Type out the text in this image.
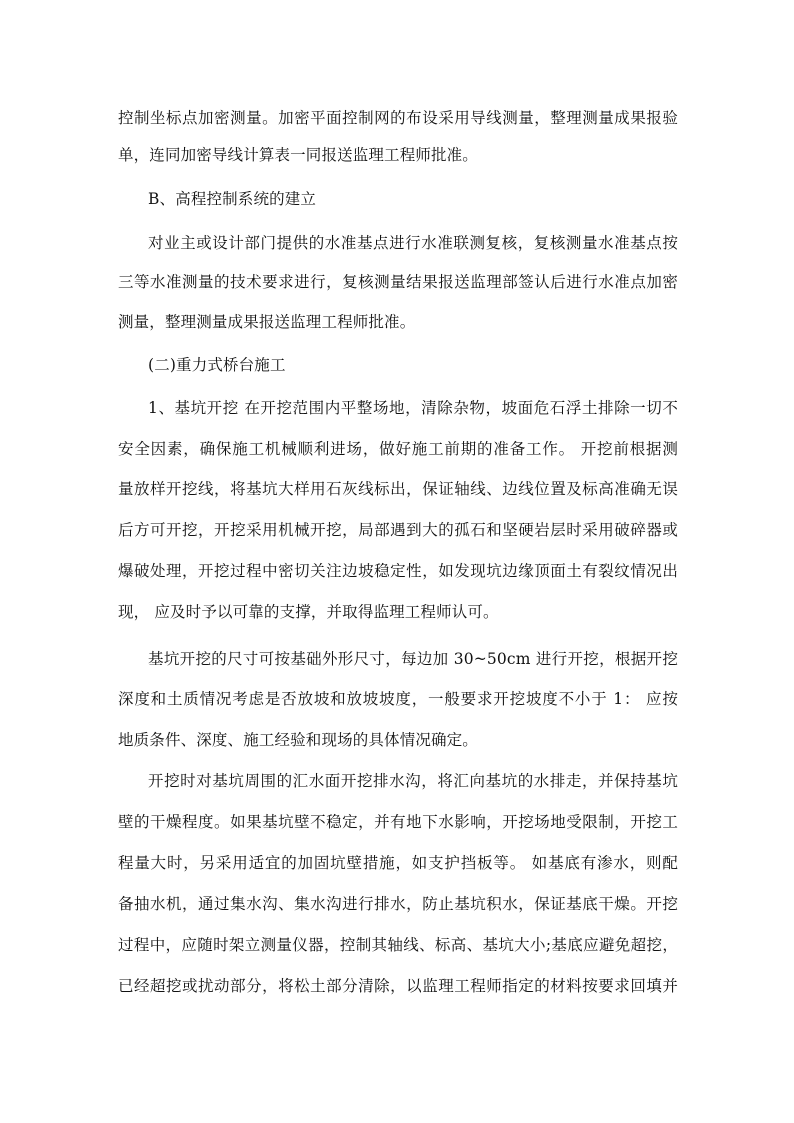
控制坐标点加密测量。加密平面控制网的布设采用导线测量，整理测量成果报验
单，连同加密导线计算表一同报送监理工程师批准。
B、高程控制系统的建立
对业主或设计部门提供的水准基点进行水准联测复核，复核测量水准基点按
三等水准测量的技术要求进行，复核测量结果报送监理部签认后进行水准点加密
测量，整理测量成果报送监理工程师批准。
(二)重力式桥台施工
1、基坑开挖 在开挖范围内平整场地，清除杂物，坡面危石浮土排除一切不
安全因素，确保施工机械顺利进场，做好施工前期的准备工作。 开挖前根据测
量放样开挖线，将基坑大样用石灰线标出，保证轴线、边线位置及标高准确无误
后方可开挖，开挖采用机械开挖，局部遇到大的孤石和坚硬岩层时采用破碎器或
爆破处理，开挖过程中密切关注边坡稳定性，如发现坑边缘顶面土有裂纹情况出
现， 应及时予以可靠的支撑，并取得监理工程师认可。
基坑开挖的尺寸可按基础外形尺寸，每边加 30~50cm 进行开挖，根据开挖
深度和土质情况考虑是否放坡和放坡坡度，一般要求开挖坡度不小于 1： 应按
地质条件、深度、施工经验和现场的具体情况确定。
开挖时对基坑周围的汇水面开挖排水沟，将汇向基坑的水排走，并保持基坑
壁的干燥程度。如果基坑壁不稳定，并有地下水影响，开挖场地受限制，开挖工
程量大时，另采用适宜的加固坑壁措施，如支护挡板等。 如基底有渗水，则配
备抽水机，通过集水沟、集水沟进行排水，防止基坑积水，保证基底干燥。开挖
过程中，应随时架立测量仪器，控制其轴线、标高、基坑大小;基底应避免超挖，
已经超挖或扰动部分，将松土部分清除，以监理工程师指定的材料按要求回填并
